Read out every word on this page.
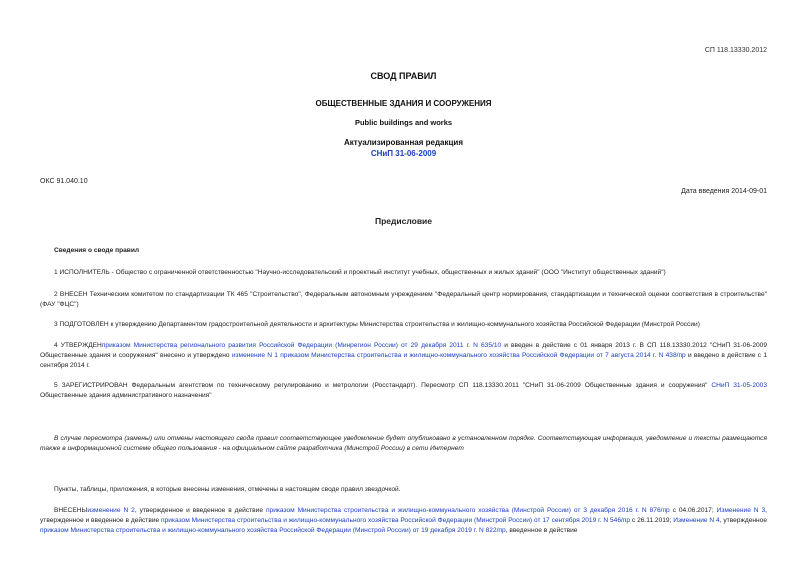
СП 118.13330.2012
СВОД ПРАВИЛ
ОБЩЕСТВЕННЫЕ ЗДАНИЯ И СООРУЖЕНИЯ
Public buildings and works
Актуализированная редакция
СНиП 31-06-2009
ОКС 91.040.10
Дата введения 2014-09-01
Предисловие
Сведения о своде правил
1 ИСПОЛНИТЕЛЬ - Общество с ограниченной ответственностью "Научно-исследовательский и проектный институт учебных, общественных и жилых зданий" (ООО "Институт общественных зданий")
2 ВНЕСЕН Техническим комитетом по стандартизации ТК 465 "Строительство", Федеральным автономным учреждением "Федеральный центр нормирования, стандартизации и технической оценки соответствия в строительстве" (ФАУ "ФЦС")
3 ПОДГОТОВЛЕН к утверждению Департаментом градостроительной деятельности и архитектуры Министерства строительства и жилищно-коммунального хозяйства Российской Федерации (Минстрой России)
4 УТВЕРЖДЕНприказом Министерства регионального развития Российской Федерации (Минрегион России) от 29 декабря 2011 г. N 635/10 и введен в действие с 01 января 2013 г. В СП 118.13330.2012 "СНиП 31-06-2009 Общественные здания и сооружения" внесено и утверждено изменение N 1 приказом Министерства строительства и жилищно-коммунального хозяйства Российской Федерации от 7 августа 2014 г. N 438/пр и введено в действие с 1 сентября 2014 г.
5 ЗАРЕГИСТРИРОВАН Федеральным агентством по техническому регулированию и метрологии (Росстандарт). Пересмотр СП 118.13330.2011 "СНиП 31-06-2009 Общественные здания и сооружения" СНиП 31-05-2003 Общественные здания административного назначения"
В случае пересмотра (замены) или отмены настоящего свода правил соответствующее уведомление будет опубликовано в установленном порядке. Соответствующая информация, уведомление и тексты размещаются также в информационной системе общего пользования - на официальном сайте разработчика (Минстрой России) в сети Интернет
Пункты, таблицы, приложения, в которые внесены изменения, отмечены в настоящем своде правил звездочкой.
ВНЕСЕНЫизменение N 2, утвержденное и введенное в действие приказом Министерства строительства и жилищно-коммунального хозяйства (Минстрой России) от 3 декабря 2016 г. N 876/пр с 04.06.2017; Изменение N 3, утвержденное и введенное в действие приказом Министерства строительства и жилищно-коммунального хозяйства Российской Федерации (Минстрой России) от 17 сентября 2019 г. N 546/пр с 26.11.2019; Изменение N 4, утвержденное приказом Министерства строительства и жилищно-коммунального хозяйства Российской Федерации (Минстрой России) от 19 декабря 2019 г. N 822/пр, введенное в действие
